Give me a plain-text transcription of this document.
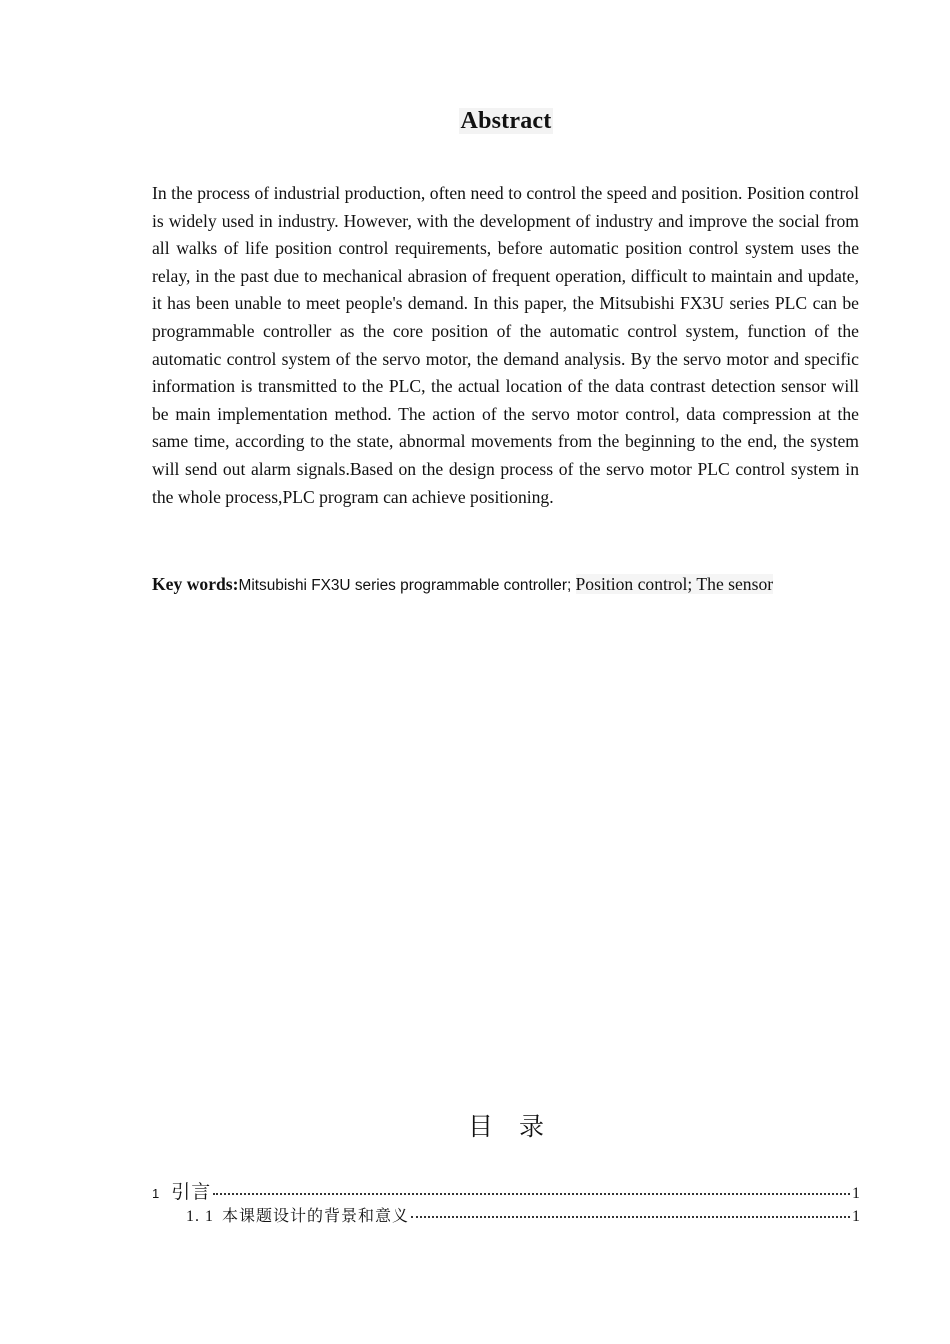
Abstract

In the process of industrial production, often need to control the speed and position. Position control is widely used in industry. However, with the development of industry and improve the social from all walks of life position control requirements, before automatic position control system uses the relay, in the past due to mechanical abrasion of frequent operation, difficult to maintain and update, it has been unable to meet people's demand. In this paper, the Mitsubishi FX3U series PLC can be programmable controller as the core position of the automatic control system, function of the automatic control system of the servo motor, the demand analysis. By the servo motor and specific information is transmitted to the PLC, the actual location of the data contrast detection sensor will be main implementation method. The action of the servo motor control, data compression at the same time, according to the state, abnormal movements from the beginning to the end, the system will send out alarm signals.Based on the design process of the servo motor PLC control system in the whole process,PLC program can achieve positioning.

Key words:Mitsubishi FX3U series programmable controller; Position control; The sensor
目录
1 引言	1
1. 1 本课题设计的背景和意义	1
